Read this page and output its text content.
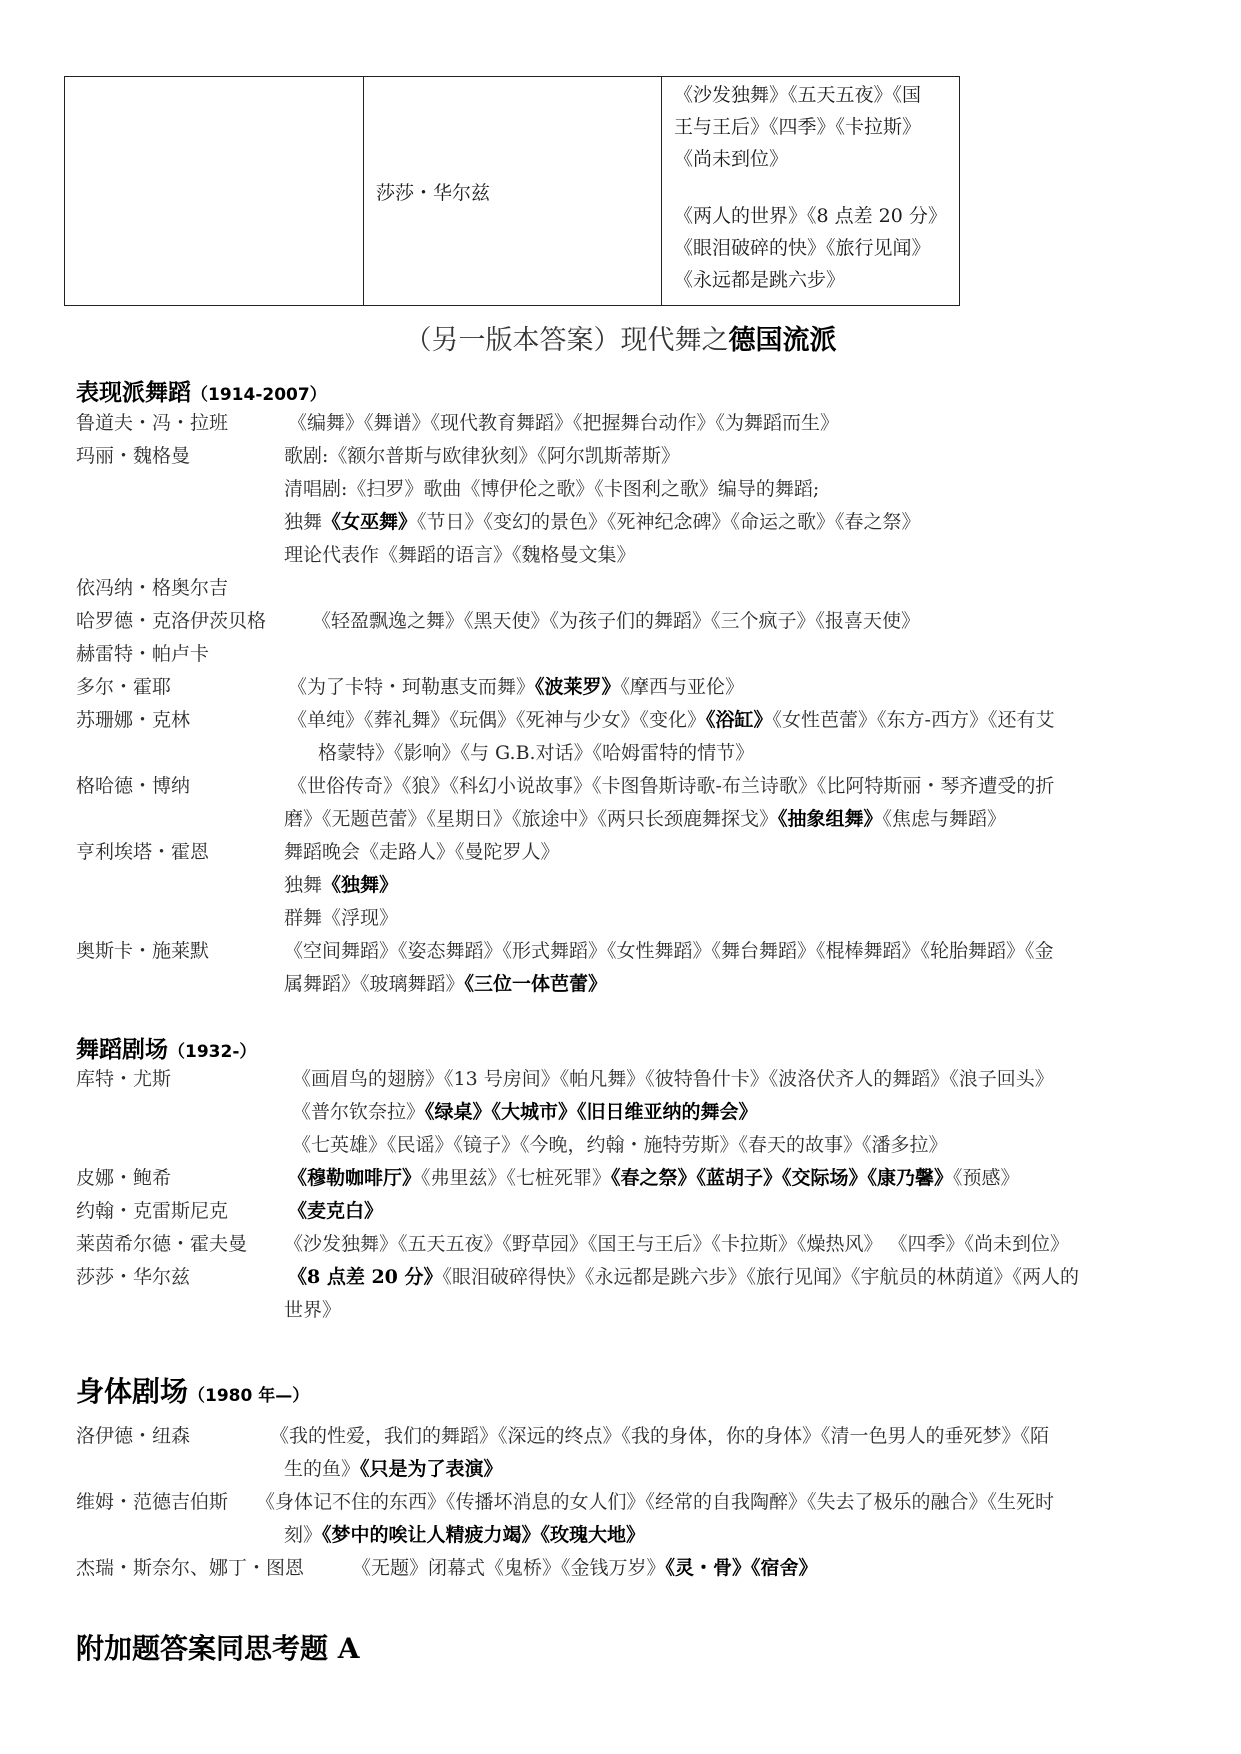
	莎莎・华尔兹	
《沙发独舞》《五天五夜》《国
王与王后》《四季》《卡拉斯》
《尚未到位》
《两人的世界》《8 点差 20 分》
《眼泪破碎的快》《旅行见闻》
《永远都是跳六步》
（另一版本答案）现代舞之德国流派
表现派舞蹈（1914-2007）
鲁道夫・冯・拉班	《编舞》《舞谱》《现代教育舞蹈》《把握舞台动作》《为舞蹈而生》
玛丽・魏格曼	歌剧:《额尔普斯与欧律狄刻》《阿尔凯斯蒂斯》
清唱剧:《扫罗》歌曲《博伊伦之歌》《卡图利之歌》编导的舞蹈;
独舞《女巫舞》《节日》《变幻的景色》《死神纪念碑》《命运之歌》《春之祭》
理论代表作《舞蹈的语言》《魏格曼文集》
依冯纳・格奥尔吉
哈罗德・克洛伊茨贝格 《轻盈飘逸之舞》《黑天使》《为孩子们的舞蹈》《三个疯子》《报喜天使》
赫雷特・帕卢卡
多尔・霍耶	《为了卡特・珂勒惠支而舞》《波莱罗》《摩西与亚伦》
苏珊娜・克林	《单纯》《葬礼舞》《玩偶》《死神与少女》《变化》《浴缸》《女性芭蕾》《东方-西方》《还有艾
格蒙特》《影响》《与 G.B.对话》《哈姆雷特的情节》
格哈德・博纳	《世俗传奇》《狼》《科幻小说故事》《卡图鲁斯诗歌-布兰诗歌》《比阿特斯丽・琴齐遭受的折
磨》《无题芭蕾》《星期日》《旅途中》《两只长颈鹿舞探戈》《抽象组舞》《焦虑与舞蹈》
亨利埃塔・霍恩	舞蹈晚会《走路人》《曼陀罗人》
独舞《独舞》
群舞《浮现》
奥斯卡・施莱默	《空间舞蹈》《姿态舞蹈》《形式舞蹈》《女性舞蹈》《舞台舞蹈》《棍棒舞蹈》《轮胎舞蹈》《金
属舞蹈》《玻璃舞蹈》《三位一体芭蕾》
舞蹈剧场（1932-）
库特・尤斯	《画眉鸟的翅膀》《13 号房间》《帕凡舞》《彼特鲁什卡》《波洛伏齐人的舞蹈》《浪子回头》
《普尔钦奈拉》《绿桌》《大城市》《旧日维亚纳的舞会》
《七英雄》《民谣》《镜子》《今晚，约翰・施特劳斯》《春天的故事》《潘多拉》
皮娜・鲍希	《穆勒咖啡厅》《弗里兹》《七桩死罪》《春之祭》《蓝胡子》《交际场》《康乃馨》《预感》
约翰・克雷斯尼克	《麦克白》
莱茵希尔德・霍夫曼 《沙发独舞》《五天五夜》《野草园》《国王与王后》《卡拉斯》《燥热风》 《四季》《尚未到位》
莎莎・华尔兹	《8 点差 20 分》《眼泪破碎得快》《永远都是跳六步》《旅行见闻》《宇航员的林荫道》《两人的
世界》
身体剧场（1980 年—）
洛伊德・纽森	《我的性爱，我们的舞蹈》《深远的终点》《我的身体，你的身体》《清一色男人的垂死梦》《陌
生的鱼》《只是为了表演》
维姆・范德吉伯斯 《身体记不住的东西》《传播坏消息的女人们》《经常的自我陶醉》《失去了极乐的融合》《生死时
刻》《梦中的唉让人精疲力竭》《玫瑰大地》
杰瑞・斯奈尔、娜丁・图恩	《无题》闭幕式《鬼桥》《金钱万岁》《灵・骨》《宿舍》
附加题答案同思考题 A
